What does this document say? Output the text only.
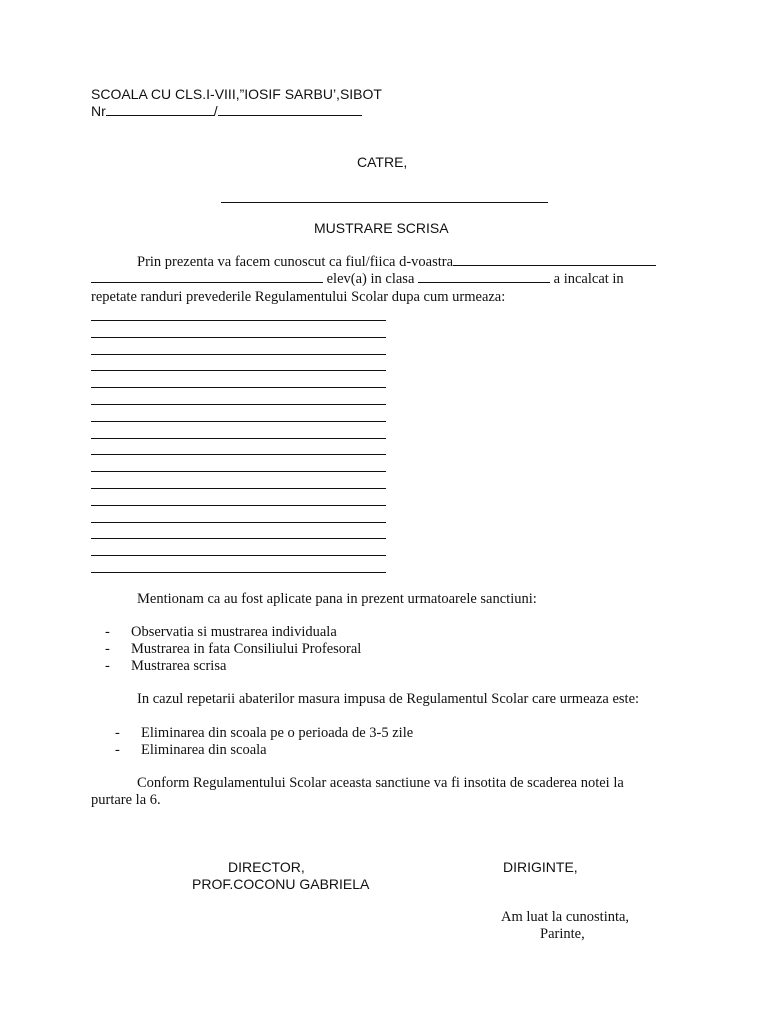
SCOALA CU CLS.I-VIII,”IOSIF SARBU’,SIBOT
Nr	/
CATRE,
MUSTRARE SCRISA
Prin prezenta va facem cunoscut ca fiul/fiica d-voastra
elev(a) in clasa	a incalcat in
repetate randuri prevederile Regulamentului Scolar dupa cum urmeaza:
Mentionam ca au fost aplicate pana in prezent urmatoarele sanctiuni:
- Observatia si mustrarea individuala
- Mustrarea in fata Consiliului Profesoral
- Mustrarea scrisa
In cazul repetarii abaterilor masura impusa de Regulamentul Scolar care urmeaza este:
- Eliminarea din scoala pe o perioada de 3-5 zile
- Eliminarea din scoala
Conform Regulamentului Scolar aceasta sanctiune va fi insotita de scaderea notei la
purtare la 6.
DIRECTOR,
PROF.COCONU GABRIELA
DIRIGINTE,
Am luat la cunostinta,
Parinte,
